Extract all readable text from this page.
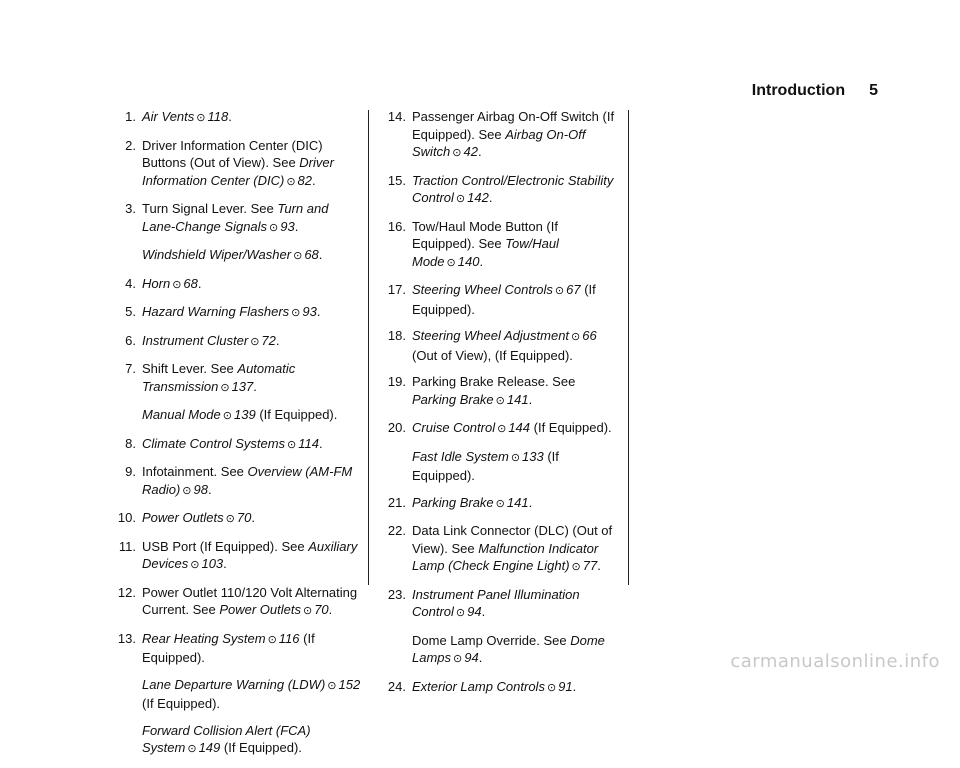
Introduction 5
1. Air Vents ⊙ 118.
2. Driver Information Center (DIC) Buttons (Out of View). See Driver Information Center (DIC) ⊙ 82.
3. Turn Signal Lever. See Turn and Lane-Change Signals ⊙ 93.
Windshield Wiper/Washer ⊙ 68.
4. Horn ⊙ 68.
5. Hazard Warning Flashers ⊙ 93.
6. Instrument Cluster ⊙ 72.
7. Shift Lever. See Automatic Transmission ⊙ 137.
Manual Mode ⊙ 139 (If Equipped).
8. Climate Control Systems ⊙ 114.
9. Infotainment. See Overview (AM-FM Radio) ⊙ 98.
10. Power Outlets ⊙ 70.
11. USB Port (If Equipped). See Auxiliary Devices ⊙ 103.
12. Power Outlet 110/120 Volt Alternating Current. See Power Outlets ⊙ 70.
13. Rear Heating System ⊙ 116 (If Equipped).
Lane Departure Warning (LDW) ⊙ 152 (If Equipped).
Forward Collision Alert (FCA) System ⊙ 149 (If Equipped).
14. Passenger Airbag On-Off Switch (If Equipped). See Airbag On-Off Switch ⊙ 42.
15. Traction Control/Electronic Stability Control ⊙ 142.
16. Tow/Haul Mode Button (If Equipped). See Tow/Haul Mode ⊙ 140.
17. Steering Wheel Controls ⊙ 67 (If Equipped).
18. Steering Wheel Adjustment ⊙ 66 (Out of View), (If Equipped).
19. Parking Brake Release. See Parking Brake ⊙ 141.
20. Cruise Control ⊙ 144 (If Equipped).
Fast Idle System ⊙ 133 (If Equipped).
21. Parking Brake ⊙ 141.
22. Data Link Connector (DLC) (Out of View). See Malfunction Indicator Lamp (Check Engine Light) ⊙ 77.
23. Instrument Panel Illumination Control ⊙ 94.
Dome Lamp Override. See Dome Lamps ⊙ 94.
24. Exterior Lamp Controls ⊙ 91.
carmanualsonline.info
